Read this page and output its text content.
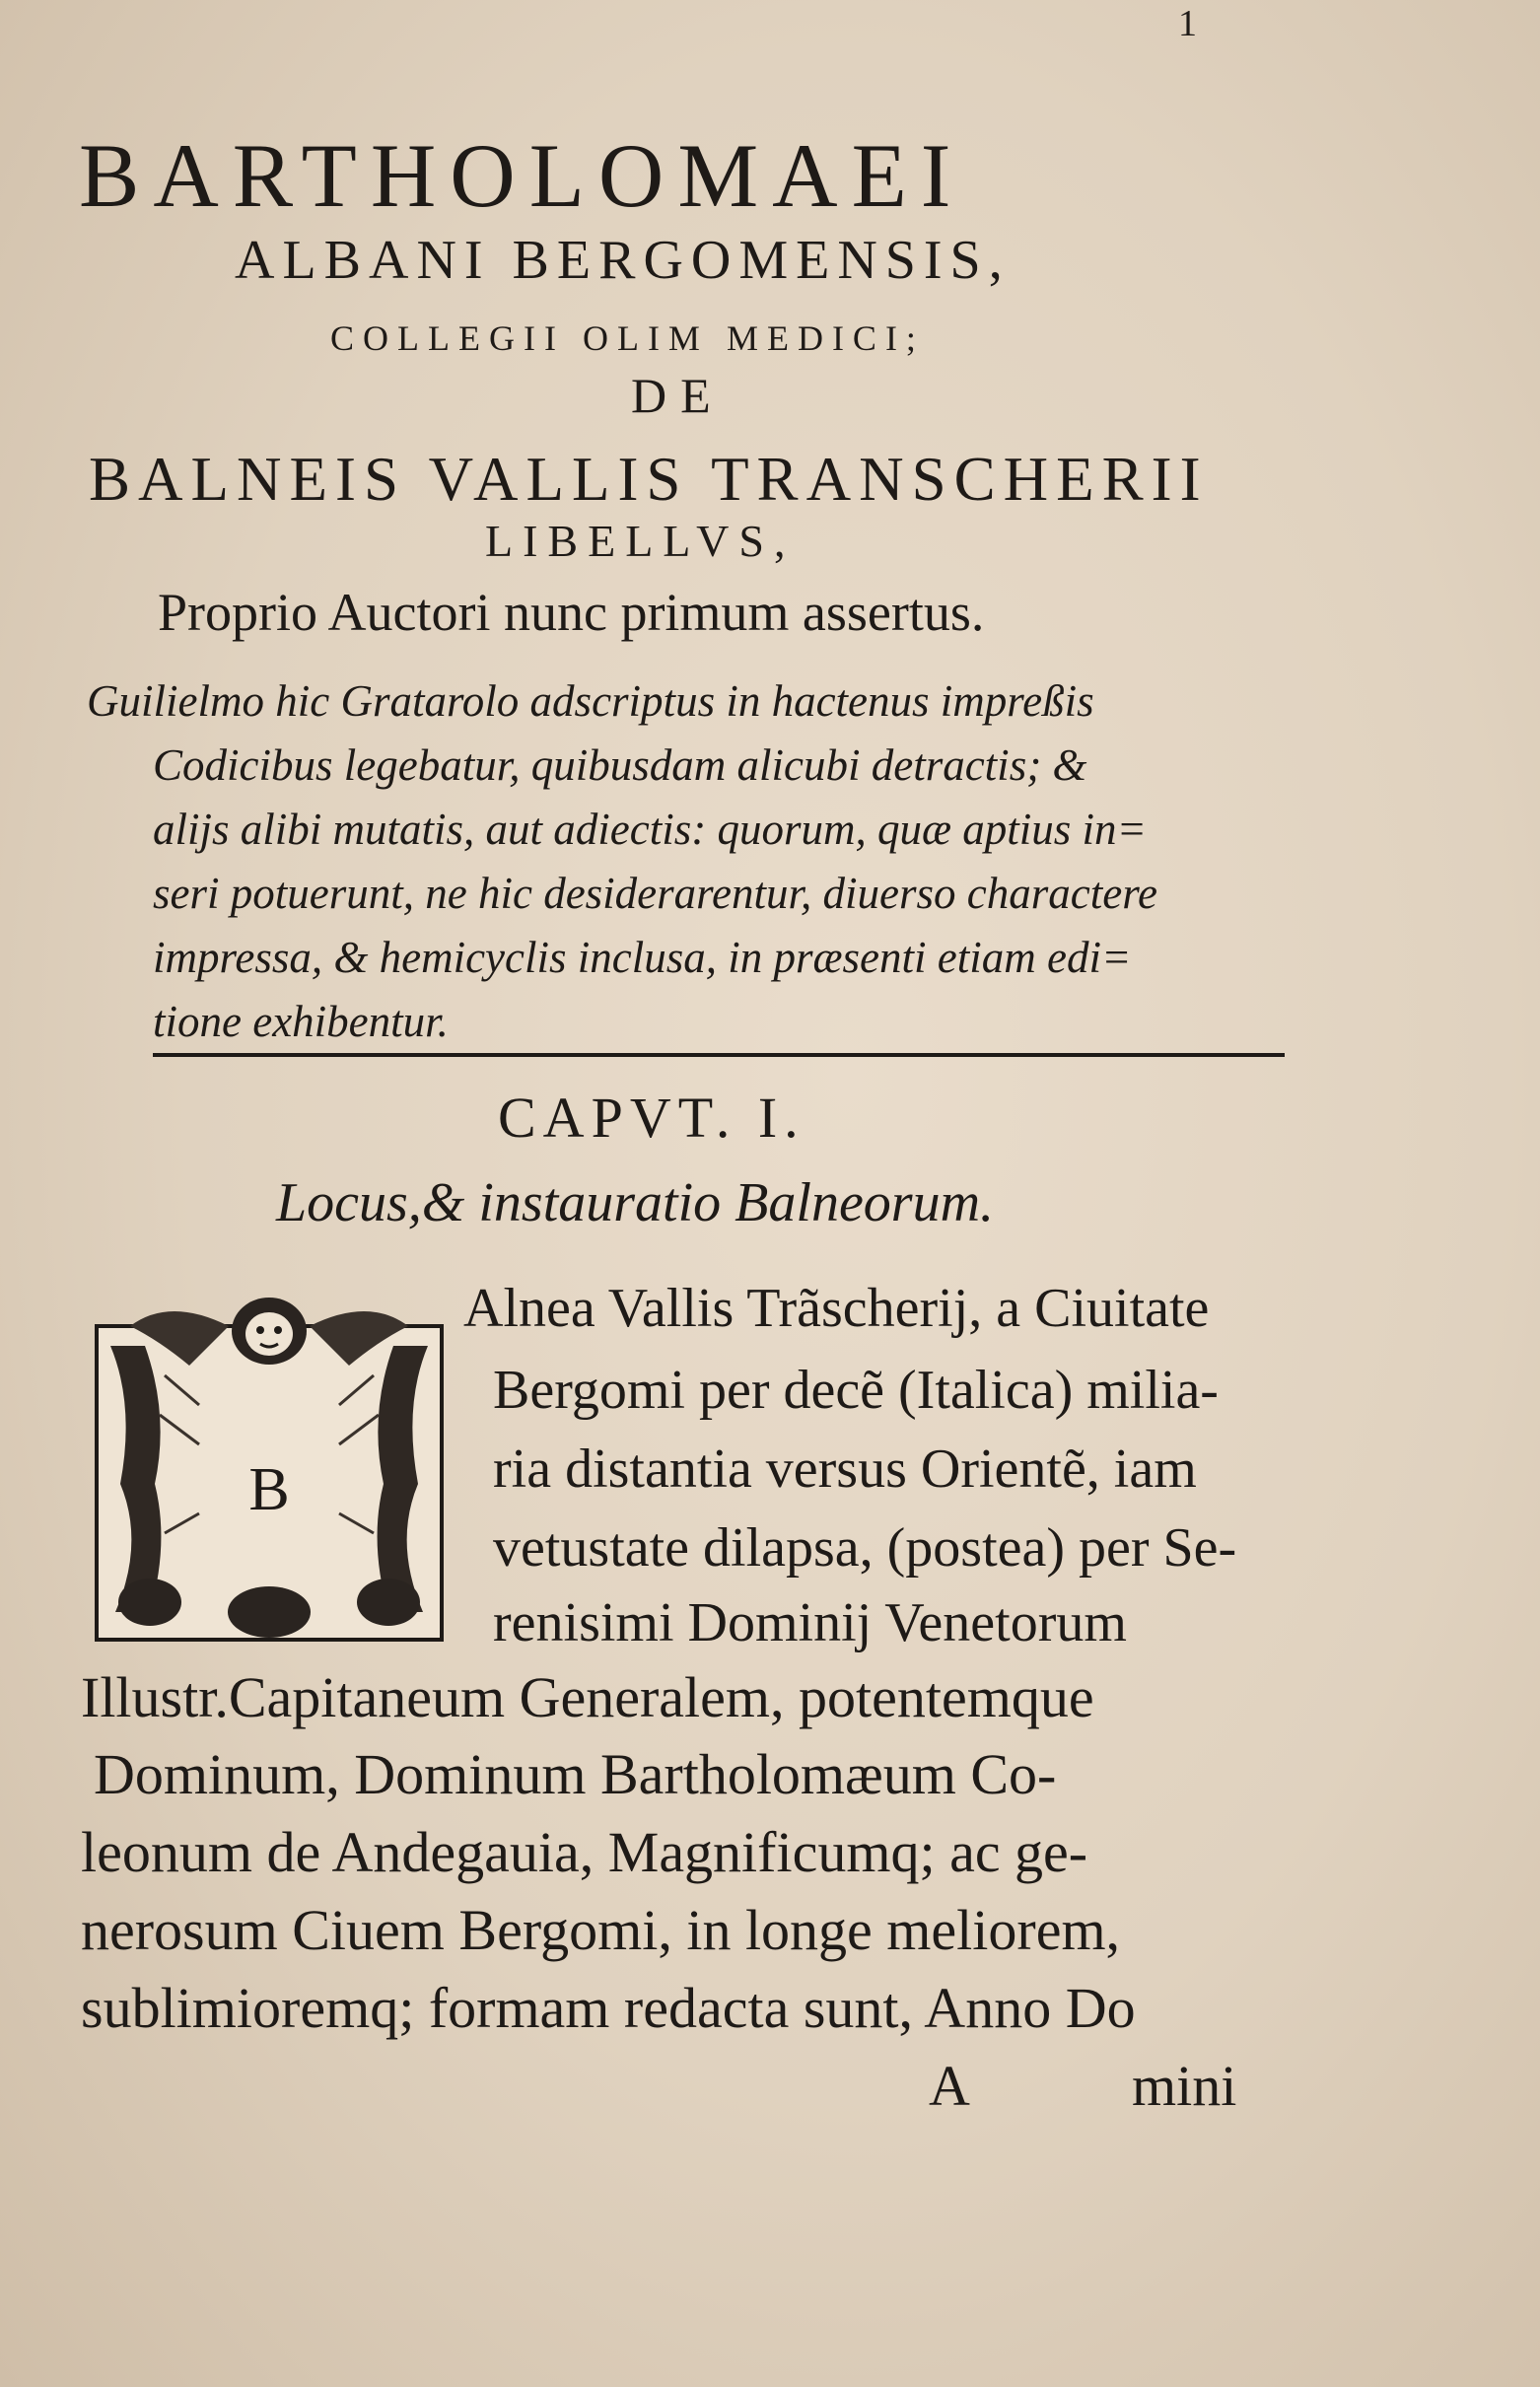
1
BARTHOLOMAEI
ALBANI BERGOMENSIS,
COLLEGII OLIM MEDICI;
DE
BALNEIS VALLIS TRANSCHERII
LIBELLVS,
Proprio Auctori nunc primum assertus.
Guilielmo hic Gratarolo adscriptus in hactenus impreßis
Codicibus legebatur, quibusdam alicubi detractis; &
alijs alibi mutatis, aut adiectis: quorum, quæ aptius in=
seri potuerunt, ne hic desiderarentur, diuerso charactere
impressa, & hemicyclis inclusa, in præsenti etiam edi=
tione exhibentur.
CAPVT. I.
Locus,& instauratio Balneorum.
B
Alnea Vallis Trãscherij, a Ciuitate
Bergomi per decẽ (Italica) milia-
ria distantia versus Orientẽ, iam
vetustate dilapsa, (postea) per Se-
renisimi Dominij Venetorum
Illustr.Capitaneum Generalem, potentemque
Dominum, Dominum Bartholomæum Co-
leonum de Andegauia, Magnificumq; ac ge-
nerosum Ciuem Bergomi, in longe meliorem,
sublimioremq; formam redacta sunt, Anno Do
A	mini
